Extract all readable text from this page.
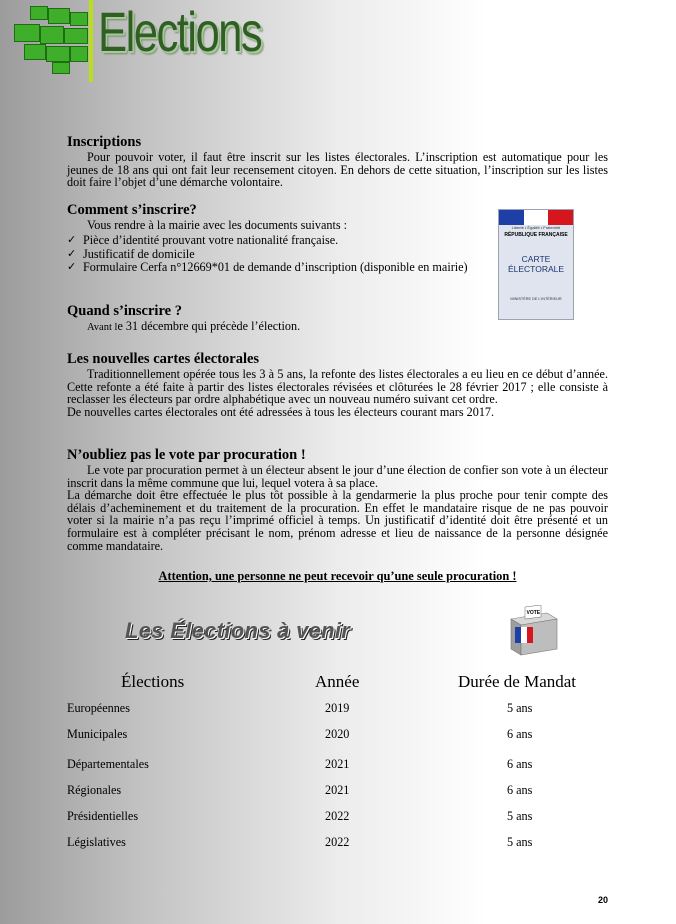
Elections
Inscriptions

Pour pouvoir voter, il faut être inscrit sur les listes électorales. L’inscription est automatique pour les jeunes de 18 ans qui ont fait leur recensement citoyen. En dehors de cette situation, l’inscription sur les listes doit faire l’objet d’une démarche volontaire.

Comment s’inscrire?

Vous rendre à la mairie avec les documents suivants :

✓ Pièce d’identité prouvant votre nationalité française.
✓ Justificatif de domicile
✓ Formulaire Cerfa n°12669*01 de demande d’inscription (disponible en mairie)
Liberté • Égalité • Fraternité
RÉPUBLIQUE FRANÇAISE
CARTE
ÉLECTORALE
MINISTÈRE DE L’INTÉRIEUR
Quand s’inscrire ?

Avant le 31 décembre qui précède l’élection.

Les nouvelles cartes électorales

Traditionnellement opérée tous les 3 à 5 ans, la refonte des listes électorales a eu lieu en ce début d’année. Cette refonte a été faite à partir des listes électorales révisées et clôturées le 28 février 2017 ; elle consiste à reclasser les électeurs par ordre alphabétique avec un nouveau numéro suivant cet ordre.

De nouvelles cartes électorales ont été adressées à tous les électeurs courant mars 2017.

N’oubliez pas le vote par procuration !

Le vote par procuration permet à un électeur absent le jour d’une élection de confier son vote à un électeur inscrit dans la même commune que lui, lequel votera à sa place.

La démarche doit être effectuée le plus tôt possible à la gendarmerie la plus proche pour tenir compte des délais d’acheminement et du traitement de la procuration. En effet le mandataire risque de ne pas pouvoir voter si la mairie n’a pas reçu l’imprimé officiel à temps. Un justificatif d’identité doit être présenté et un formulaire est à compléter précisant le nom, prénom adresse et lieu de naissance de la personne désignée comme mandataire.

Attention, une personne ne peut recevoir qu’une seule procuration !
Les Élections à venir
VOTE
Élections	Année	Durée de Mandat
Européennes	2019	5 ans
Municipales	2020	6 ans
Départementales	2021	6 ans
Régionales	2021	6 ans
Présidentielles	2022	5 ans
Législatives	2022	5 ans
20
